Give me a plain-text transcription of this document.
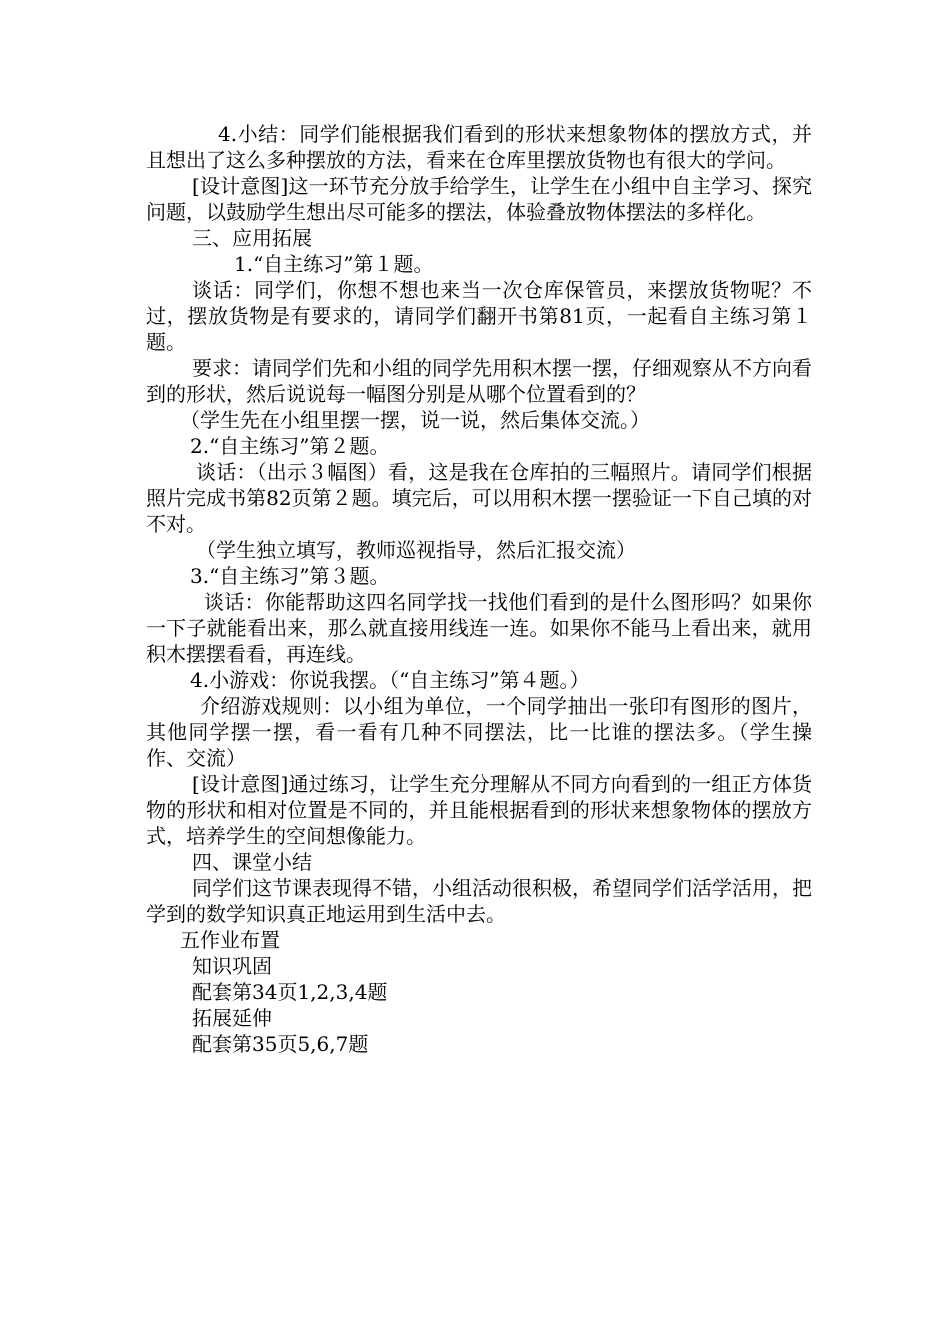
4.小结：同学们能根据我们看到的形状来想象物体的摆放方式，并且想出了这么多种摆放的方法，看来在仓库里摆放货物也有很大的学问。

[设计意图]这一环节充分放手给学生，让学生在小组中自主学习、探究问题，以鼓励学生想出尽可能多的摆法，体验叠放物体摆法的多样化。

三、应用拓展

1.“自主练习”第１题。

谈话：同学们，你想不想也来当一次仓库保管员，来摆放货物呢？不过，摆放货物是有要求的，请同学们翻开书第81页，一起看自主练习第１题。

要求：请同学们先和小组的同学先用积木摆一摆，仔细观察从不方向看到的形状，然后说说每一幅图分别是从哪个位置看到的？

（学生先在小组里摆一摆，说一说，然后集体交流。）

2.“自主练习”第２题。

谈话：（出示３幅图）看，这是我在仓库拍的三幅照片。请同学们根据照片完成书第82页第２题。填完后，可以用积木摆一摆验证一下自己填的对不对。

（学生独立填写，教师巡视指导，然后汇报交流）

3.“自主练习”第３题。

谈话：你能帮助这四名同学找一找他们看到的是什么图形吗？如果你一下子就能看出来，那么就直接用线连一连。如果你不能马上看出来，就用积木摆摆看看，再连线。

4.小游戏：你说我摆。（“自主练习”第４题。）

介绍游戏规则：以小组为单位，一个同学抽出一张印有图形的图片，其他同学摆一摆，看一看有几种不同摆法，比一比谁的摆法多。（学生操作、交流）

[设计意图]通过练习，让学生充分理解从不同方向看到的一组正方体货物的形状和相对位置是不同的，并且能根据看到的形状来想象物体的摆放方式，培养学生的空间想像能力。

四、课堂小结

同学们这节课表现得不错，小组活动很积极，希望同学们活学活用，把学到的数学知识真正地运用到生活中去。

五作业布置

知识巩固

配套第34页1,2,3,4题

拓展延伸

配套第35页5,6,7题
